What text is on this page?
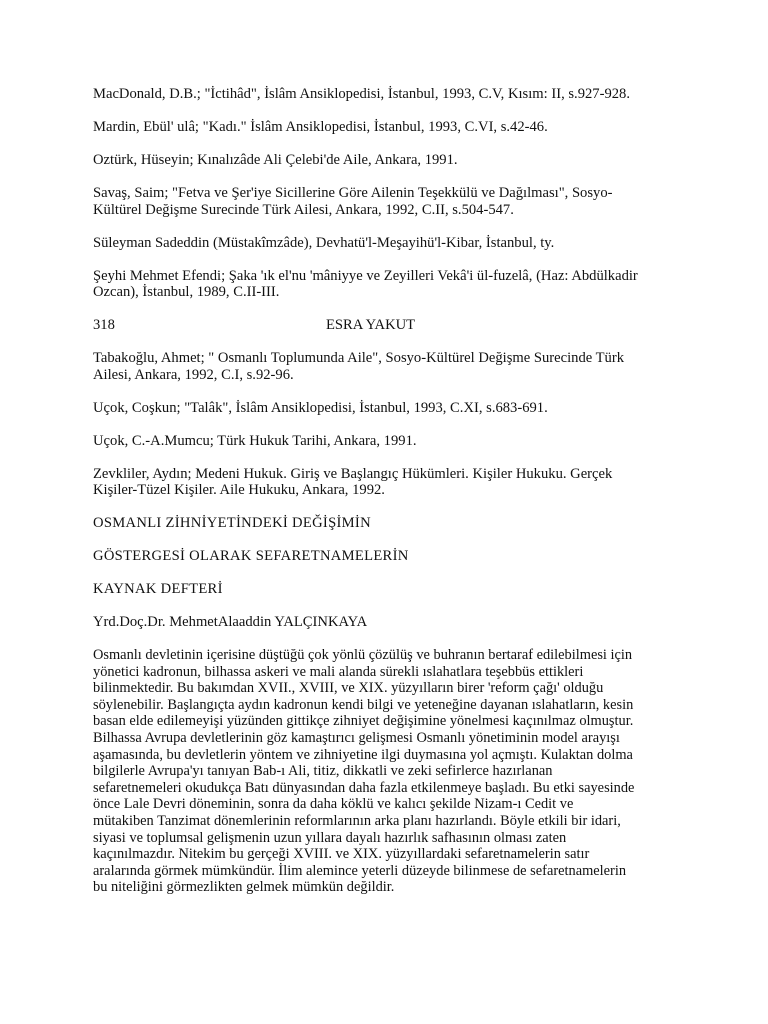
MacDonald, D.B.; "İctihâd", İslâm Ansiklopedisi, İstanbul, 1993, C.V, Kısım: II, s.927-928.

Mardin, Ebül' ulâ; "Kadı." İslâm Ansiklopedisi, İstanbul, 1993, C.VI, s.42-46.

Oztürk, Hüseyin; Kınalızâde Ali Çelebi'de Aile, Ankara, 1991.

Savaş, Saim; "Fetva ve Şer'iye Sicillerine Göre Ailenin Teşekkülü ve Dağılması", Sosyo-
Kültürel Değişme Surecinde Türk Ailesi, Ankara, 1992, C.II, s.504-547.

Süleyman Sadeddin (Müstakîmzâde), Devhatü'l-Meşayihü'l-Kibar, İstanbul, ty.

Şeyhi Mehmet Efendi; Şaka 'ık el'nu 'mâniyye ve Zeyilleri Vekâ'i ül-fuzelâ, (Haz: Abdülkadir
Ozcan), İstanbul, 1989, C.II-III.

318	ESRA YAKUT

Tabakoğlu, Ahmet; " Osmanlı Toplumunda Aile", Sosyo-Kültürel Değişme Surecinde Türk
Ailesi, Ankara, 1992, C.I, s.92-96.

Uçok, Coşkun; "Talâk", İslâm Ansiklopedisi, İstanbul, 1993, C.XI, s.683-691.

Uçok, C.-A.Mumcu; Türk Hukuk Tarihi, Ankara, 1991.

Zevkliler, Aydın; Medeni Hukuk. Giriş ve Başlangıç Hükümleri. Kişiler Hukuku. Gerçek
Kişiler-Tüzel Kişiler. Aile Hukuku, Ankara, 1992.

OSMANLI ZİHNİYETİNDEKİ DEĞİŞİMİN

GÖSTERGESİ OLARAK SEFARETNAMELERİN

KAYNAK DEFTERİ

Yrd.Doç.Dr. MehmetAlaaddin YALÇINKAYA

Osmanlı devletinin içerisine düştüğü çok yönlü çözülüş ve buhranın bertaraf edilebilmesi için
yönetici kadronun, bilhassa askeri ve mali alanda sürekli ıslahatlara teşebbüs ettikleri
bilinmektedir. Bu bakımdan XVII., XVIII, ve XIX. yüzyılların birer 'reform çağı' olduğu
söylenebilir. Başlangıçta aydın kadronun kendi bilgi ve yeteneğine dayanan ıslahatların, kesin
basan elde edilemeyişi yüzünden gittikçe zihniyet değişimine yönelmesi kaçınılmaz olmuştur.
Bilhassa Avrupa devletlerinin göz kamaştırıcı gelişmesi Osmanlı yönetiminin model arayışı
aşamasında, bu devletlerin yöntem ve zihniyetine ilgi duymasına yol açmıştı. Kulaktan dolma
bilgilerle Avrupa'yı tanıyan Bab-ı Ali, titiz, dikkatli ve zeki sefirlerce hazırlanan
sefaretnemeleri okudukça Batı dünyasından daha fazla etkilenmeye başladı. Bu etki sayesinde
önce Lale Devri döneminin, sonra da daha köklü ve kalıcı şekilde Nizam-ı Cedit ve
mütakiben Tanzimat dönemlerinin reformlarının arka planı hazırlandı. Böyle etkili bir idari,
siyasi ve toplumsal gelişmenin uzun yıllara dayalı hazırlık safhasının olması zaten
kaçınılmazdır. Nitekim bu gerçeği XVIII. ve XIX. yüzyıllardaki sefaretnamelerin satır
aralarında görmek mümkündür. İlim alemince yeterli düzeyde bilinmese de sefaretnamelerin
bu niteliğini görmezlikten gelmek mümkün değildir.
